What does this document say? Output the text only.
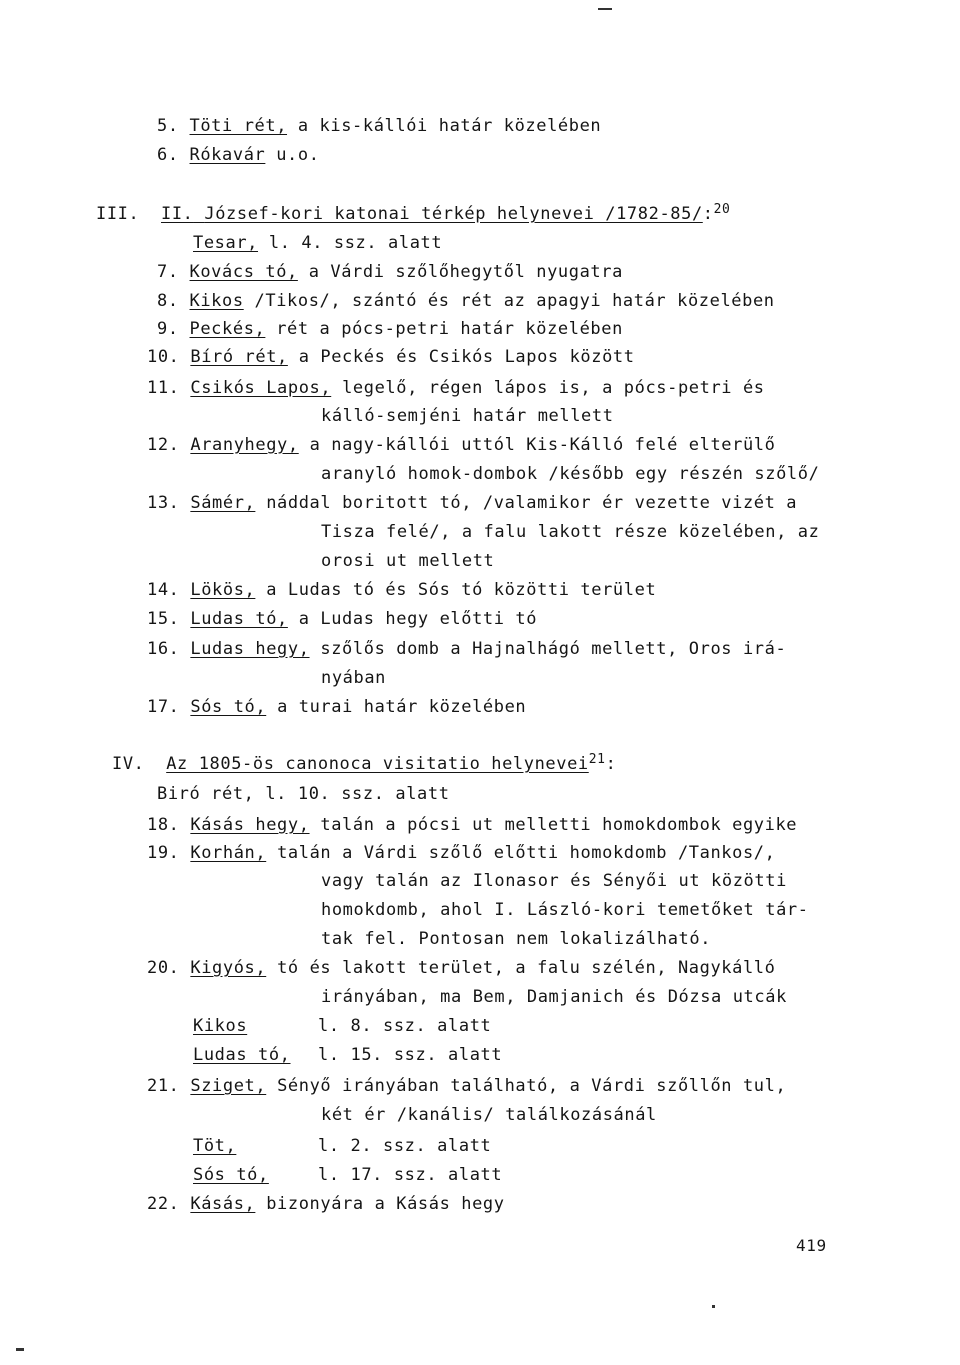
5. Töti rét, a kis-kállói határ közelében
6. Rókavár u.o.
III. II. József-kori katonai térkép helynevei /1782-85/:$^{20}$
Tesar, l. 4. ssz. alatt
7. Kovács tó, a Várdi szőlőhegytől nyugatra
8. Kikos /Tikos/, szántó és rét az apagyi határ közelében
9. Peckés, rét a pócs-petri határ közelében
10. Bíró rét, a Peckés és Csikós Lapos között
11. Csikós Lapos, legelő, régen lápos is, a pócs-petri és
kálló-semjéni határ mellett
12. Aranyhegy, a nagy-kállói uttól Kis-Kálló felé elterülő
aranyló homok-dombok /később egy részén szőlő/
13. Sámér, náddal boritott tó, /valamikor ér vezette vizét a
Tisza felé/, a falu lakott része közelében, az
orosi ut mellett
14. Lökös, a Ludas tó és Sós tó közötti terület
15. Ludas tó, a Ludas hegy előtti tó
16. Ludas hegy, szőlős domb a Hajnalhágó mellett, Oros irá-
nyában
17. Sós tó, a turai határ közelében
IV. Az 1805-ös canonoca visitatio helynevei$^{21}$:
Biró rét, l. 10. ssz. alatt
18. Kásás hegy, talán a pócsi ut melletti homokdombok egyike
19. Korhán, talán a Várdi szőlő előtti homokdomb /Tankos/,
vagy talán az Ilonasor és Sényői ut közötti
homokdomb, ahol I. László-kori temetőket tár-
tak fel. Pontosan nem lokalizálható.
20. Kigyós, tó és lakott terület, a falu szélén, Nagykálló
irányában, ma Bem, Damjanich és Dózsa utcák
Kikos	l. 8. ssz. alatt
Ludas tó, l. 15. ssz. alatt
21. Sziget, Sényő irányában található, a Várdi szőllőn tul,
két ér /kanális/ találkozásánál
Töt,	l. 2. ssz. alatt
Sós tó,	l. 17. ssz. alatt
22. Kásás, bizonyára a Kásás hegy
419
